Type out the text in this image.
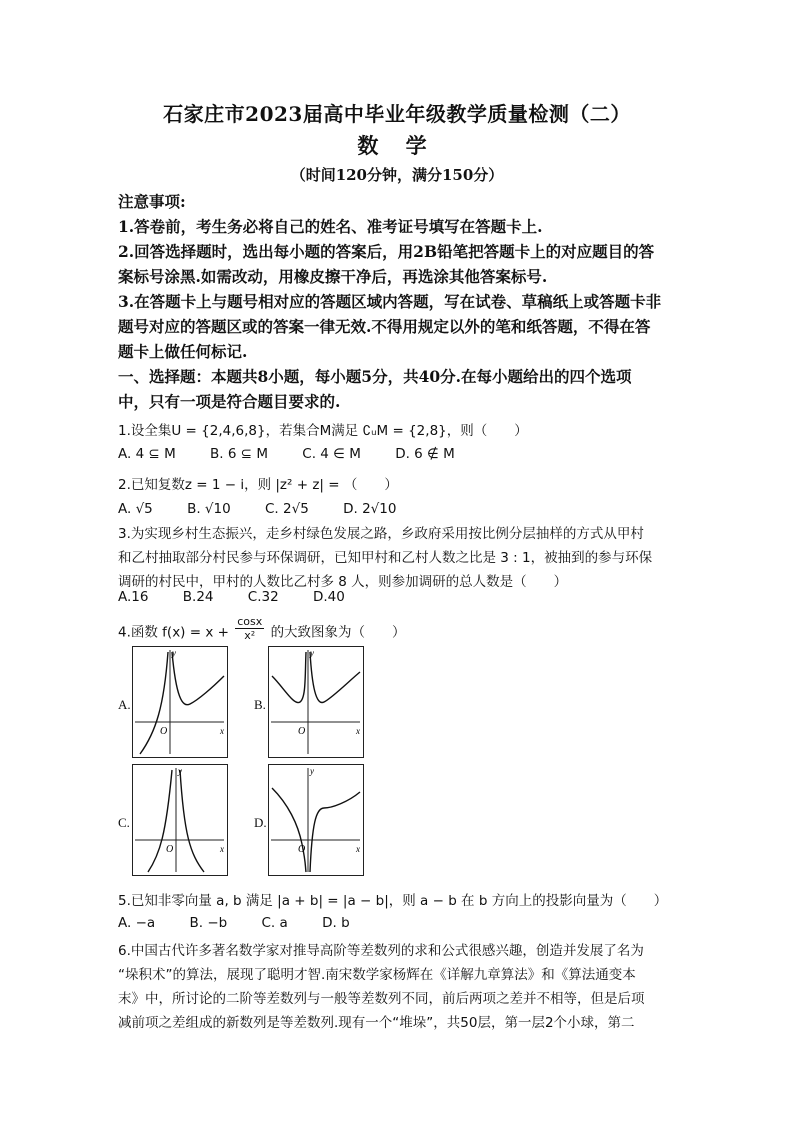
石家庄市2023届高中毕业年级教学质量检测（二）
数 学
（时间120分钟，满分150分）
注意事项:
1.答卷前，考生务必将自己的姓名、准考证号填写在答题卡上.
2.回答选择题时，选出每小题的答案后，用2B铅笔把答题卡上的对应题目的答
案标号涂黑.如需改动，用橡皮擦干净后，再选涂其他答案标号.
3.在答题卡上与题号相对应的答题区域内答题，写在试卷、草稿纸上或答题卡非
题号对应的答题区或的答案一律无效.不得用规定以外的笔和纸答题，不得在答
题卡上做任何标记.
一、选择题：本题共8小题，每小题5分，共40分.在每小题给出的四个选项
中，只有一项是符合题目要求的.
1.设全集U = {2,4,6,8}，若集合M满足 ∁ᵤM = {2,8}，则（　　）
A. 4 ⊆ M	B. 6 ⊆ M	C. 4 ∈ M	D. 6 ∉ M
2.已知复数z = 1 − i，则 |z² + z| = （　　）
A. √5	B. √10	C. 2√5	D. 2√10
3.为实现乡村生态振兴，走乡村绿色发展之路，乡政府采用按比例分层抽样的方式从甲村
和乙村抽取部分村民参与环保调研，已知甲村和乙村人数之比是 3 : 1，被抽到的参与环保
调研的村民中，甲村的人数比乙村多 8 人，则参加调研的总人数是（　　）
A.16	B.24	C.32	D.40
4.函数 $f(x) = x + \frac{\cos x}{\text{x²}}$ 的大致图象为（　　）
A.	B.
C.	D.
y
x
O
y
x
O
y
x
O
y
x
O
5.已知非零向量 a, b 满足 |a + b| = |a − b|，则 a − b 在 b 方向上的投影向量为（　　）
A. −a	B. −b	C. a	D. b
6.中国古代许多著名数学家对推导高阶等差数列的求和公式很感兴趣，创造并发展了名为
“垛积术”的算法，展现了聪明才智.南宋数学家杨辉在《详解九章算法》和《算法通变本
末》中，所讨论的二阶等差数列与一般等差数列不同，前后两项之差并不相等，但是后项
减前项之差组成的新数列是等差数列.现有一个“堆垛”，共50层，第一层2个小球，第二
